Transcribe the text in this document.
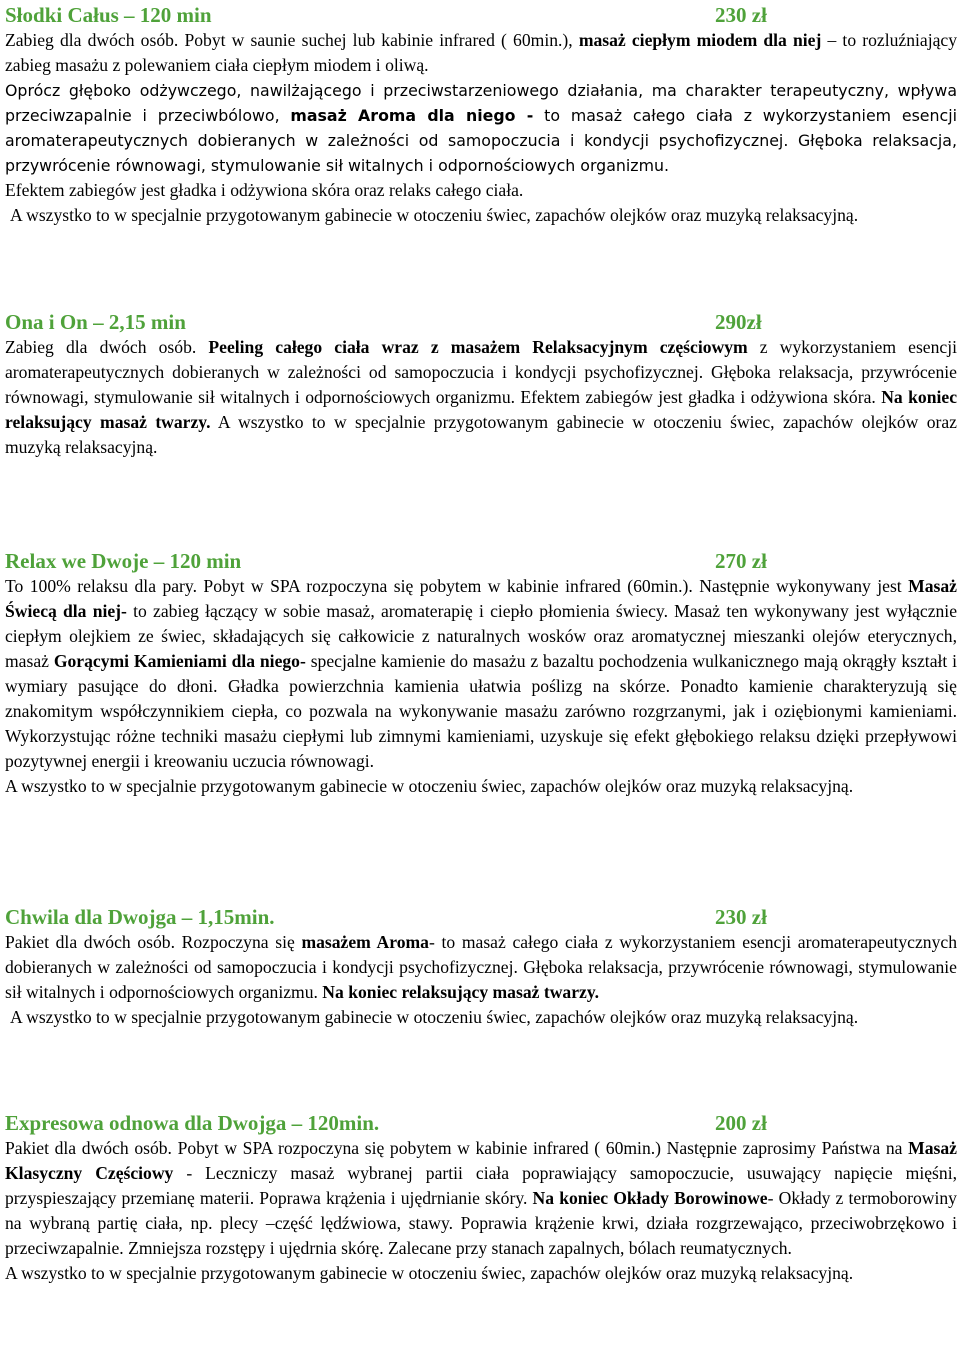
Słodki Całus – 120 min	230 zł

Zabieg dla dwóch osób. Pobyt w saunie suchej lub kabinie infrared ( 60min.), masaż ciepłym miodem dla niej – to rozluźniający zabieg masażu z polewaniem ciała ciepłym miodem i oliwą.

Oprócz głęboko odżywczego, nawilżającego i przeciwstarzeniowego działania, ma charakter terapeutyczny, wpływa przeciwzapalnie i przeciwbólowo, masaż Aroma dla niego - to masaż całego ciała z wykorzystaniem esencji aromaterapeutycznych dobieranych w zależności od samopoczucia i kondycji psychofizycznej. Głęboka relaksacja, przywrócenie równowagi, stymulowanie sił witalnych i odpornościowych organizmu.

Efektem zabiegów jest gładka i odżywiona skóra oraz relaks całego ciała.

A wszystko to w specjalnie przygotowanym gabinecie w otoczeniu świec, zapachów olejków oraz muzyką relaksacyjną.

Ona i On – 2,15 min	290zł

Zabieg dla dwóch osób. Peeling całego ciała wraz z masażem Relaksacyjnym częściowym z wykorzystaniem esencji aromaterapeutycznych dobieranych w zależności od samopoczucia i kondycji psychofizycznej. Głęboka relaksacja, przywrócenie równowagi, stymulowanie sił witalnych i odpornościowych organizmu. Efektem zabiegów jest gładka i odżywiona skóra. Na koniec relaksujący masaż twarzy. A wszystko to w specjalnie przygotowanym gabinecie w otoczeniu świec, zapachów olejków oraz muzyką relaksacyjną.

Relax we Dwoje – 120 min	270 zł

To 100% relaksu dla pary. Pobyt w SPA rozpoczyna się pobytem w kabinie infrared (60min.). Następnie wykonywany jest Masaż Świecą dla niej- to zabieg łączący w sobie masaż, aromaterapię i ciepło płomienia świecy. Masaż ten wykonywany jest wyłącznie ciepłym olejkiem ze świec, składających się całkowicie z naturalnych wosków oraz aromatycznej mieszanki olejów eterycznych, masaż Gorącymi Kamieniami dla niego- specjalne kamienie do masażu z bazaltu pochodzenia wulkanicznego mają okrągły kształt i wymiary pasujące do dłoni. Gładka powierzchnia kamienia ułatwia poślizg na skórze. Ponadto kamienie charakteryzują się znakomitym współczynnikiem ciepła, co pozwala na wykonywanie masażu zarówno rozgrzanymi, jak i oziębionymi kamieniami. Wykorzystując różne techniki masażu ciepłymi lub zimnymi kamieniami, uzyskuje się efekt głębokiego relaksu dzięki przepływowi pozytywnej energii i kreowaniu uczucia równowagi.

A wszystko to w specjalnie przygotowanym gabinecie w otoczeniu świec, zapachów olejków oraz muzyką relaksacyjną.

Chwila dla Dwojga – 1,15min.	230 zł

Pakiet dla dwóch osób. Rozpoczyna się masażem Aroma- to masaż całego ciała z wykorzystaniem esencji aromaterapeutycznych dobieranych w zależności od samopoczucia i kondycji psychofizycznej. Głęboka relaksacja, przywrócenie równowagi, stymulowanie sił witalnych i odpornościowych organizmu. Na koniec relaksujący masaż twarzy.

A wszystko to w specjalnie przygotowanym gabinecie w otoczeniu świec, zapachów olejków oraz muzyką relaksacyjną.

Expresowa odnowa dla Dwojga – 120min.	200 zł

Pakiet dla dwóch osób. Pobyt w SPA rozpoczyna się pobytem w kabinie infrared ( 60min.) Następnie zaprosimy Państwa na Masaż Klasyczny Częściowy - Leczniczy masaż wybranej partii ciała poprawiający samopoczucie, usuwający napięcie mięśni, przyspieszający przemianę materii. Poprawa krążenia i ujędrnianie skóry. Na koniec Okłady Borowinowe- Okłady z termoborowiny na wybraną partię ciała, np. plecy –część lędźwiowa, stawy. Poprawia krążenie krwi, działa rozgrzewająco, przeciwobrzękowo i przeciwzapalnie. Zmniejsza rozstępy i ujędrnia skórę. Zalecane przy stanach zapalnych, bólach reumatycznych.

A wszystko to w specjalnie przygotowanym gabinecie w otoczeniu świec, zapachów olejków oraz muzyką relaksacyjną.
